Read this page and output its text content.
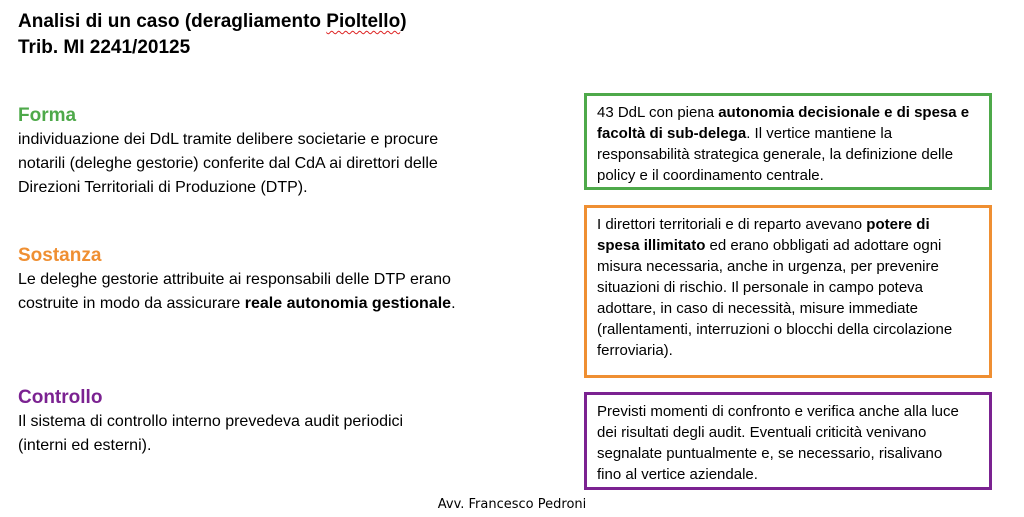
Analisi di un caso (deragliamento Pioltello)
Trib. MI 2241/20125
Forma
individuazione dei DdL tramite delibere societarie e procure
notarili (deleghe gestorie) conferite dal CdA ai direttori delle
Direzioni Territoriali di Produzione (DTP).
Sostanza
Le deleghe gestorie attribuite ai responsabili delle DTP erano
costruite in modo da assicurare reale autonomia gestionale.
Controllo
Il sistema di controllo interno prevedeva audit periodici
(interni ed esterni).
43 DdL con piena autonomia decisionale e di spesa e
facoltà di sub-delega. Il vertice mantiene la
responsabilità strategica generale, la definizione delle
policy e il coordinamento centrale.
I direttori territoriali e di reparto avevano potere di
spesa illimitato ed erano obbligati ad adottare ogni
misura necessaria, anche in urgenza, per prevenire
situazioni di rischio. Il personale in campo poteva
adottare, in caso di necessità, misure immediate
(rallentamenti, interruzioni o blocchi della circolazione
ferroviaria).
Previsti momenti di confronto e verifica anche alla luce
dei risultati degli audit. Eventuali criticità venivano
segnalate puntualmente e, se necessario, risalivano
fino al vertice aziendale.
Avv. Francesco Pedroni
